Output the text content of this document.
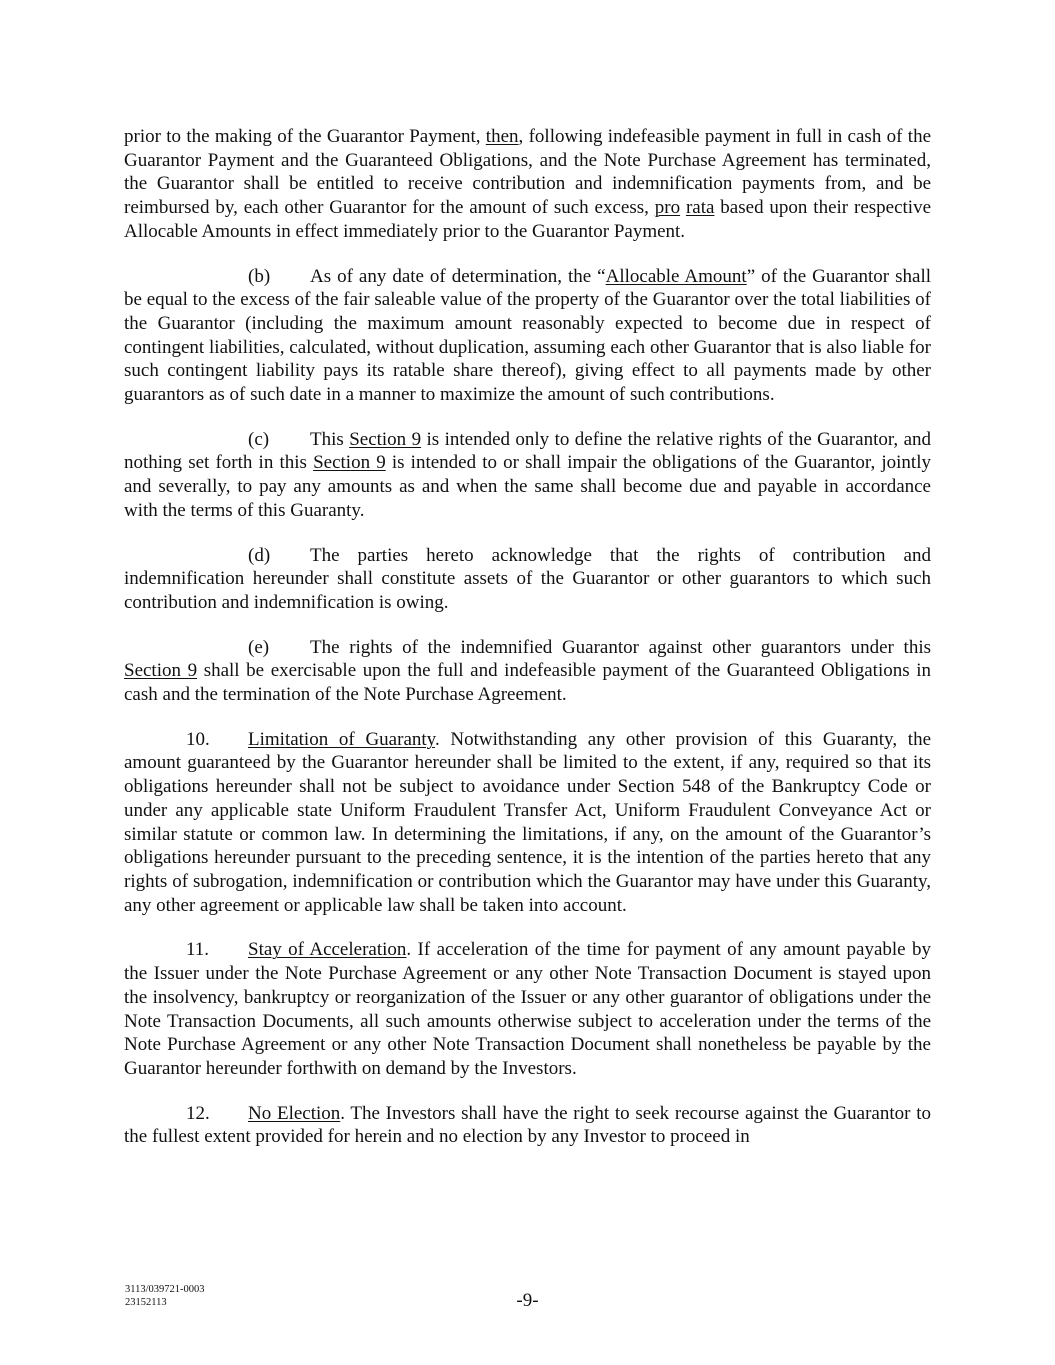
prior to the making of the Guarantor Payment, then, following indefeasible payment in full in cash of the Guarantor Payment and the Guaranteed Obligations, and the Note Purchase Agreement has terminated, the Guarantor shall be entitled to receive contribution and indemnification payments from, and be reimbursed by, each other Guarantor for the amount of such excess, pro rata based upon their respective Allocable Amounts in effect immediately prior to the Guarantor Payment.

(b) As of any date of determination, the “Allocable Amount” of the Guarantor shall be equal to the excess of the fair saleable value of the property of the Guarantor over the total liabilities of the Guarantor (including the maximum amount reasonably expected to become due in respect of contingent liabilities, calculated, without duplication, assuming each other Guarantor that is also liable for such contingent liability pays its ratable share thereof), giving effect to all payments made by other guarantors as of such date in a manner to maximize the amount of such contributions.

(c) This Section 9 is intended only to define the relative rights of the Guarantor, and nothing set forth in this Section 9 is intended to or shall impair the obligations of the Guarantor, jointly and severally, to pay any amounts as and when the same shall become due and payable in accordance with the terms of this Guaranty.

(d) The parties hereto acknowledge that the rights of contribution and indemnification hereunder shall constitute assets of the Guarantor or other guarantors to which such contribution and indemnification is owing.

(e) The rights of the indemnified Guarantor against other guarantors under this Section 9 shall be exercisable upon the full and indefeasible payment of the Guaranteed Obligations in cash and the termination of the Note Purchase Agreement.

10. Limitation of Guaranty. Notwithstanding any other provision of this Guaranty, the amount guaranteed by the Guarantor hereunder shall be limited to the extent, if any, required so that its obligations hereunder shall not be subject to avoidance under Section 548 of the Bankruptcy Code or under any applicable state Uniform Fraudulent Transfer Act, Uniform Fraudulent Conveyance Act or similar statute or common law. In determining the limitations, if any, on the amount of the Guarantor’s obligations hereunder pursuant to the preceding sentence, it is the intention of the parties hereto that any rights of subrogation, indemnification or contribution which the Guarantor may have under this Guaranty, any other agreement or applicable law shall be taken into account.

11. Stay of Acceleration. If acceleration of the time for payment of any amount payable by the Issuer under the Note Purchase Agreement or any other Note Transaction Document is stayed upon the insolvency, bankruptcy or reorganization of the Issuer or any other guarantor of obligations under the Note Transaction Documents, all such amounts otherwise subject to acceleration under the terms of the Note Purchase Agreement or any other Note Transaction Document shall nonetheless be payable by the Guarantor hereunder forthwith on demand by the Investors.

12. No Election. The Investors shall have the right to seek recourse against the Guarantor to the fullest extent provided for herein and no election by any Investor to proceed in

3113/039721-0003
23152113	-9-
